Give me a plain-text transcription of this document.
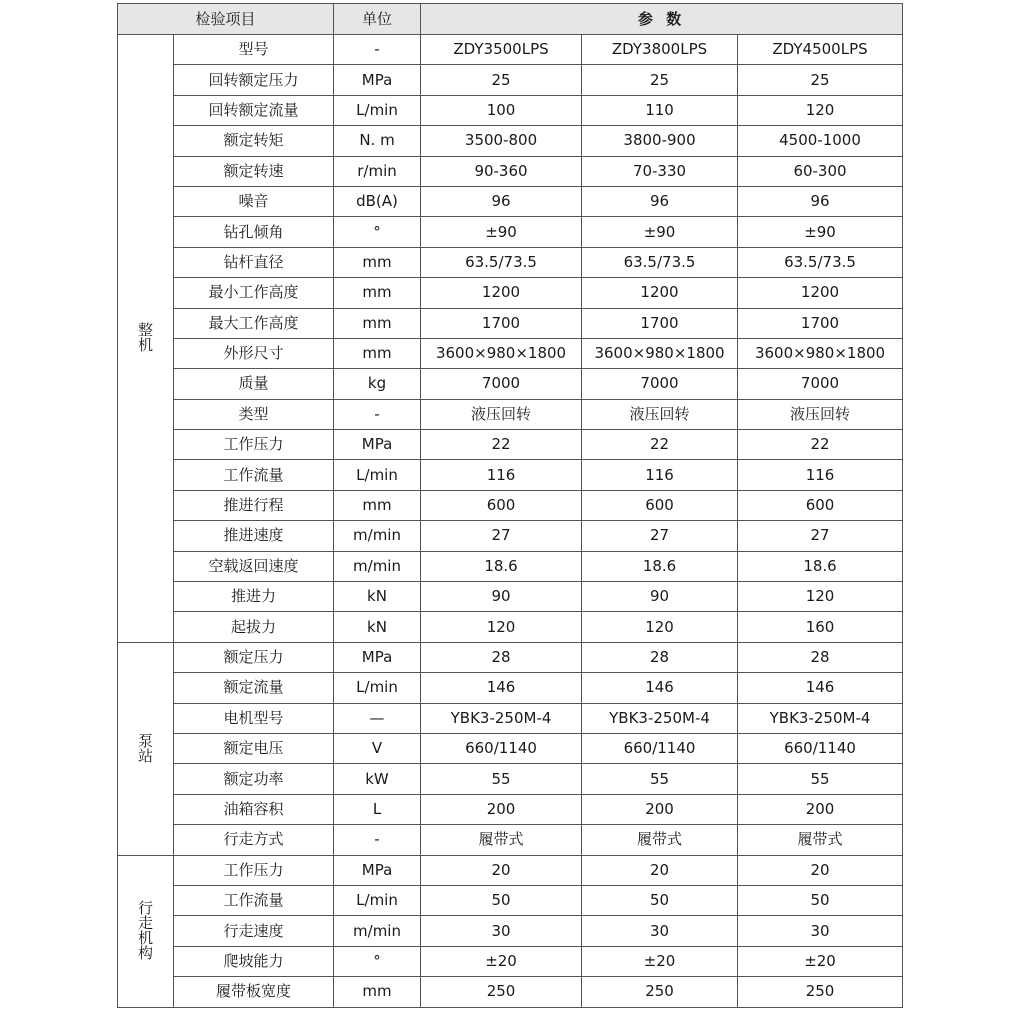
检验项目		单位	参 数		

整
机	型号	-	ZDY3500LPS	ZDY3800LPS	ZDY4500LPS
	回转额定压力	MPa	25	25	25
	回转额定流量	L/min	100	110	120
	额定转矩	N. m	3500-800	3800-900	4500-1000
	额定转速	r/min	90-360	70-330	60-300
	噪音	dB(A)	96	96	96
	钻孔倾角	°	±90	±90	±90
	钻杆直径	mm	63.5/73.5	63.5/73.5	63.5/73.5
	最小工作高度	mm	1200	1200	1200
	最大工作高度	mm	1700	1700	1700
	外形尺寸	mm	3600×980×1800	3600×980×1800	3600×980×1800
	质量	kg	7000	7000	7000
	类型	-	液压回转	液压回转	液压回转
	工作压力	MPa	22	22	22
	工作流量	L/min	116	116	116
	推进行程	mm	600	600	600
	推进速度	m/min	27	27	27
	空载返回速度	m/min	18.6	18.6	18.6
	推进力	kN	90	90	120
	起拔力	kN	120	120	160

泵
站	额定压力	MPa	28	28	28
	额定流量	L/min	146	146	146
	电机型号	—	YBK3-250M-4	YBK3-250M-4	YBK3-250M-4
	额定电压	V	660/1140	660/1140	660/1140
	额定功率	kW	55	55	55
	油箱容积	L	200	200	200
	行走方式	-	履带式	履带式	履带式

行
走
机
构	工作压力	MPa	20	20	20
	工作流量	L/min	50	50	50
	行走速度	m/min	30	30	30
	爬坡能力	°	±20	±20	±20
	履带板宽度	mm	250	250	250
